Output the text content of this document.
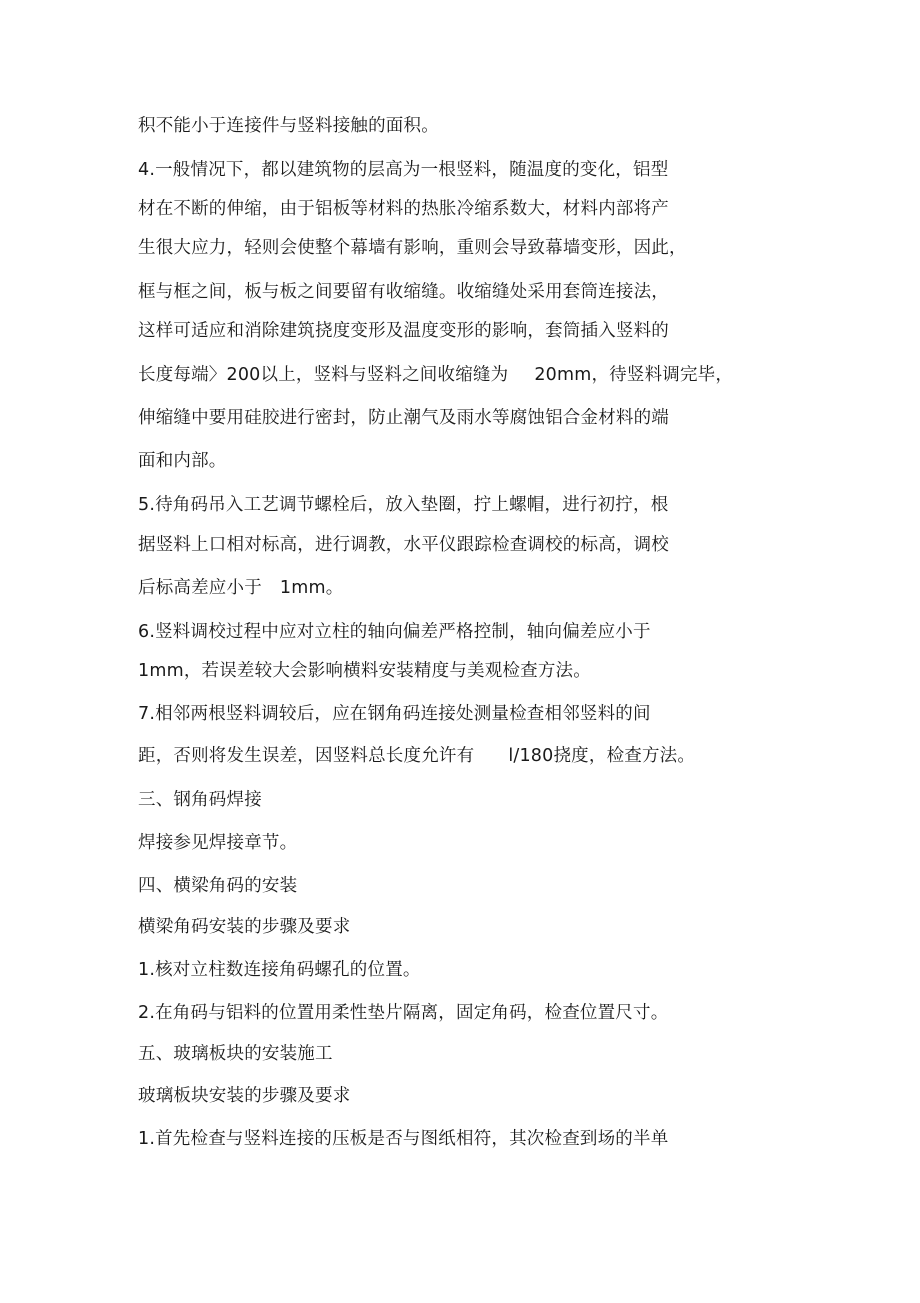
积不能小于连接件与竖料接触的面积。
4.一般情况下，都以建筑物的层高为一根竖料，随温度的变化，铝型
材在不断的伸缩，由于铝板等材料的热胀冷缩系数大，材料内部将产
生很大应力，轻则会使整个幕墙有影响，重则会导致幕墙变形，因此，
框与框之间，板与板之间要留有收缩缝。收缩缝处采用套筒连接法，
这样可适应和消除建筑挠度变形及温度变形的影响，套筒插入竖料的
长度每端〉200以上，竖料与竖料之间收缩缝为 20mm，待竖料调完毕，
伸缩缝中要用硅胶进行密封，防止潮气及雨水等腐蚀铝合金材料的端
面和内部。
5.待角码吊入工艺调节螺栓后，放入垫圈，拧上螺帽，进行初拧，根
据竖料上口相对标高，进行调教，水平仪跟踪检查调校的标高，调校
后标高差应小于 1mm。
6.竖料调校过程中应对立柱的轴向偏差严格控制，轴向偏差应小于
1mm，若误差较大会影响横料安装精度与美观检查方法。
7.相邻两根竖料调较后，应在钢角码连接处测量检查相邻竖料的间
距，否则将发生误差，因竖料总长度允许有 l/180挠度，检查方法。
三、钢角码焊接
焊接参见焊接章节。
四、横梁角码的安装
横梁角码安装的步骤及要求
1.核对立柱数连接角码螺孔的位置。
2.在角码与铝料的位置用柔性垫片隔离，固定角码，检查位置尺寸。
五、玻璃板块的安装施工
玻璃板块安装的步骤及要求
1.首先检查与竖料连接的压板是否与图纸相符，其次检查到场的半单
